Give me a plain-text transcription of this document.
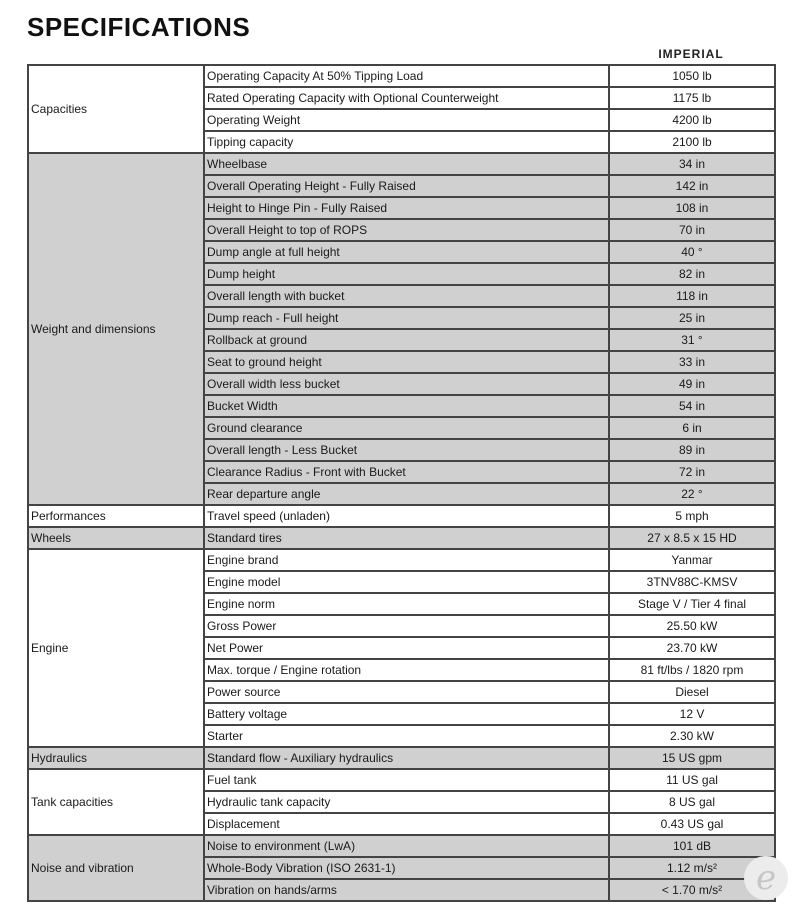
SPECIFICATIONS
IMPERIAL
Capacities	Operating Capacity At 50% Tipping Load	1050 lb
	Rated Operating Capacity with Optional Counterweight	1175 lb
	Operating Weight	4200 lb
	Tipping capacity	2100 lb
Weight and dimensions	Wheelbase	34 in
	Overall Operating Height - Fully Raised	142 in
	Height to Hinge Pin - Fully Raised	108 in
	Overall Height to top of ROPS	70 in
	Dump angle at full height	40 °
	Dump height	82 in
	Overall length with bucket	118 in
	Dump reach - Full height	25 in
	Rollback at ground	31 °
	Seat to ground height	33 in
	Overall width less bucket	49 in
	Bucket Width	54 in
	Ground clearance	6 in
	Overall length - Less Bucket	89 in
	Clearance Radius - Front with Bucket	72 in
	Rear departure angle	22 °
Performances	Travel speed (unladen)	5 mph
Wheels	Standard tires	27 x 8.5 x 15 HD
Engine	Engine brand	Yanmar
	Engine model	3TNV88C-KMSV
	Engine norm	Stage V / Tier 4 final
	Gross Power	25.50 kW
	Net Power	23.70 kW
	Max. torque / Engine rotation	81 ft/lbs / 1820 rpm
	Power source	Diesel
	Battery voltage	12 V
	Starter	2.30 kW
Hydraulics	Standard flow - Auxiliary hydraulics	15 US gpm
Tank capacities	Fuel tank	11 US gal
	Hydraulic tank capacity	8 US gal
	Displacement	0.43 US gal
Noise and vibration	Noise to environment (LwA)	101 dB
	Whole-Body Vibration (ISO 2631-1)	1.12 m/s²
	Vibration on hands/arms	< 1.70 m/s² e
